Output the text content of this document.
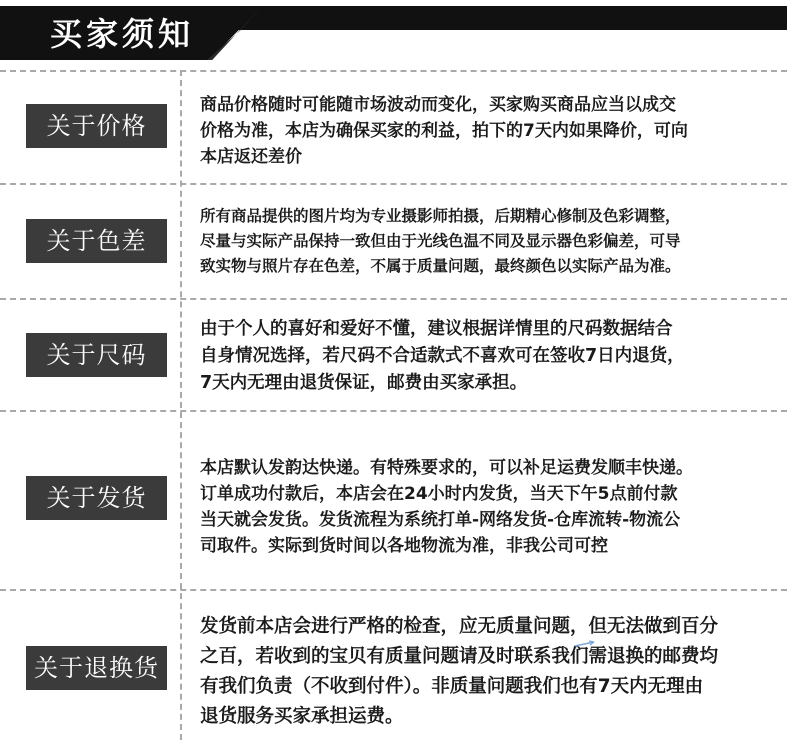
买家须知
关于价格
商品价格随时可能随市场波动而变化，买家购买商品应当以成交
价格为准，本店为确保买家的利益，拍下的7天内如果降价，可向
本店返还差价
关于色差
所有商品提供的图片均为专业摄影师拍摄，后期精心修制及色彩调整，
尽量与实际产品保持一致但由于光线色温不同及显示器色彩偏差，可导
致实物与照片存在色差，不属于质量问题，最终颜色以实际产品为准。
关于尺码
由于个人的喜好和爱好不懂，建议根据详情里的尺码数据结合
自身情况选择，若尺码不合适款式不喜欢可在签收7日内退货，
7天内无理由退货保证，邮费由买家承担。
关于发货
本店默认发韵达快递。有特殊要求的，可以补足运费发顺丰快递。
订单成功付款后，本店会在24小时内发货，当天下午5点前付款
当天就会发货。发货流程为系统打单-网络发货-仓库流转-物流公
司取件。实际到货时间以各地物流为准，非我公司可控
关于退换货
发货前本店会进行严格的检查，应无质量问题，但无法做到百分
之百，若收到的宝贝有质量问题请及时联系我们需退换的邮费均
有我们负责（不收到付件）。非质量问题我们也有7天内无理由
退货服务买家承担运费。
